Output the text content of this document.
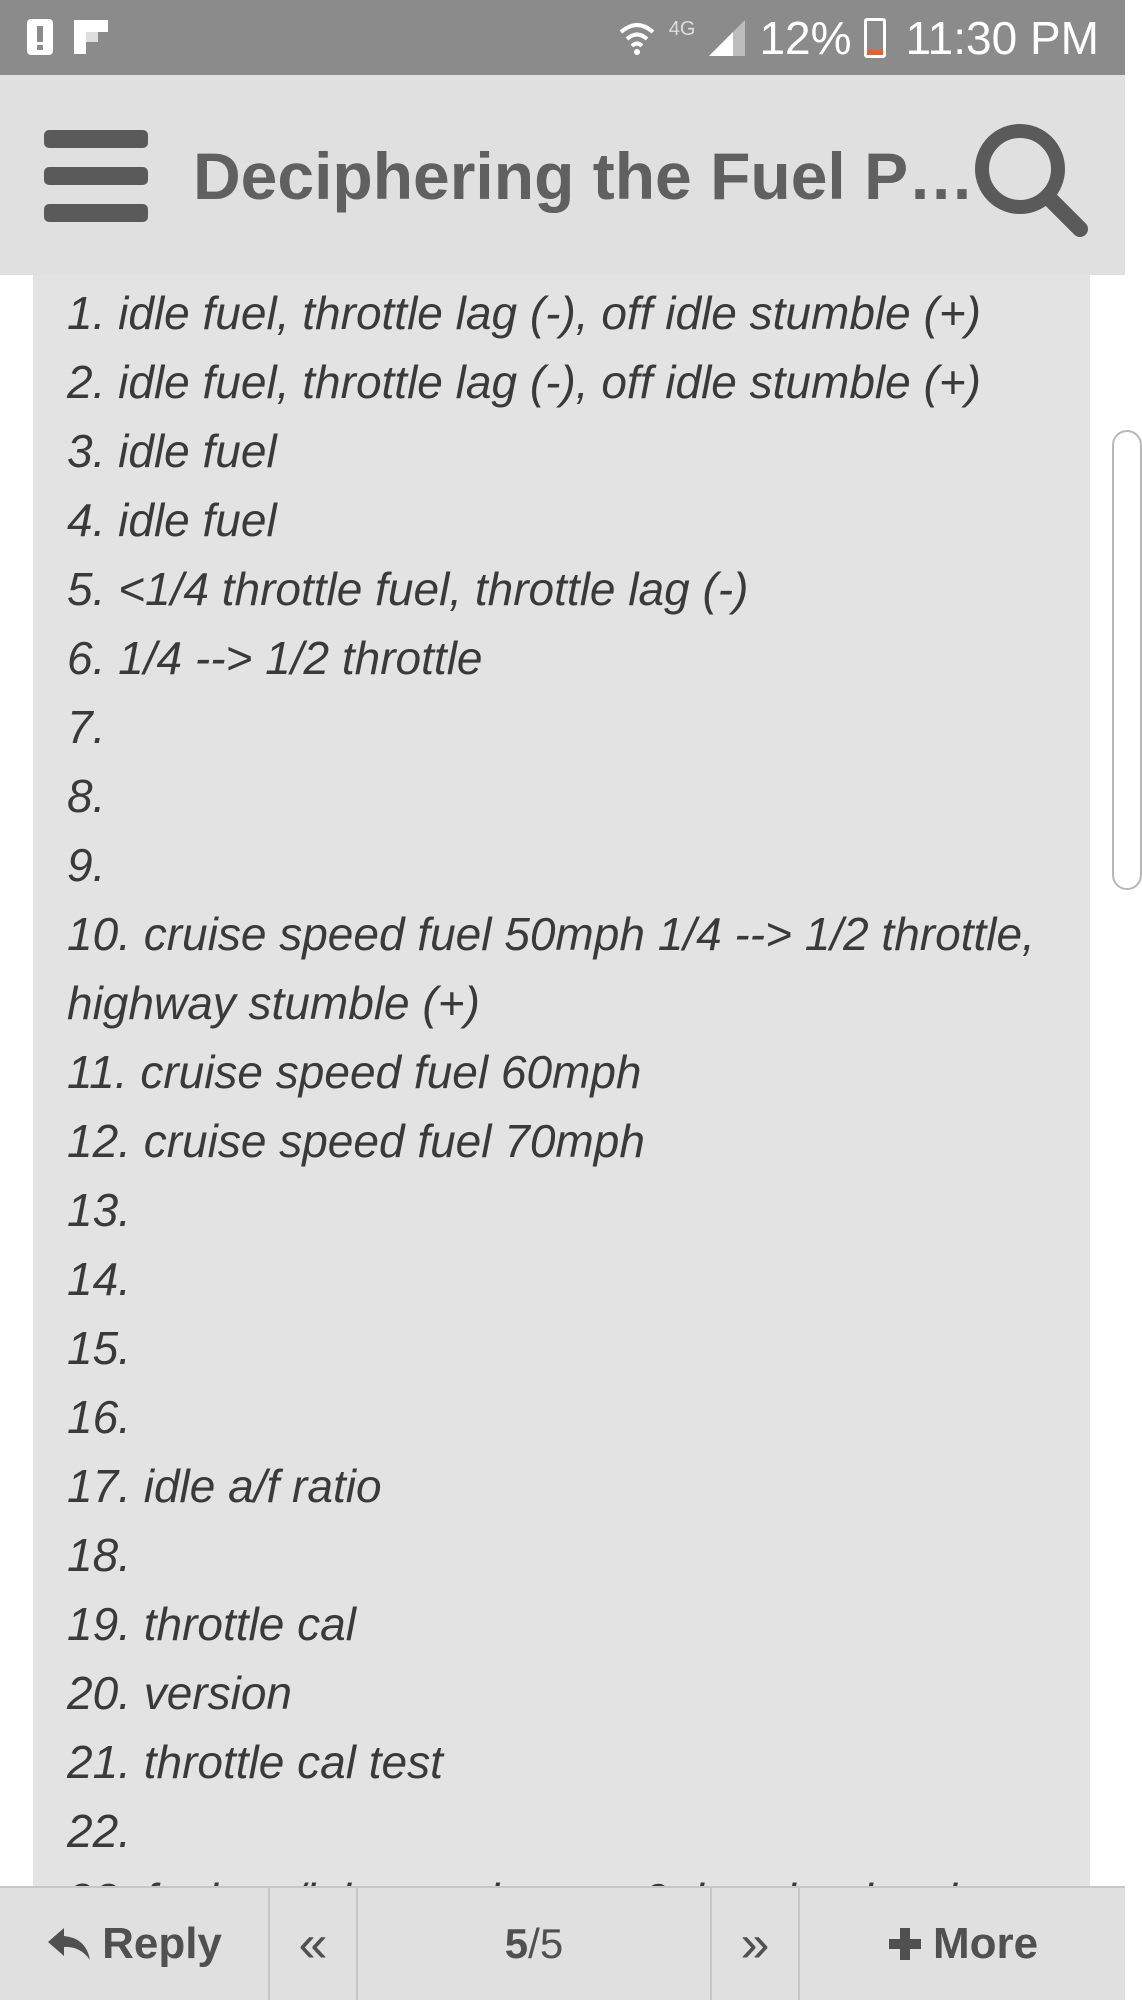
4G 12% 11:30 PM
Deciphering the Fuel P…
1. idle fuel, throttle lag (-), off idle stumble (+)
2. idle fuel, throttle lag (-), off idle stumble (+)
3. idle fuel
4. idle fuel
5. <1/4 throttle fuel, throttle lag (-)
6. 1/4 --> 1/2 throttle
7.
8.
9.
10. cruise speed fuel 50mph 1/4 --> 1/2 throttle, highway stumble (+)
11. cruise speed fuel 60mph
12. cruise speed fuel 70mph
13.
14.
15.
16.
17. idle a/f ratio
18.
19. throttle cal
20. version
21. throttle cal test
22.
Reply «	5 /5	»	More
